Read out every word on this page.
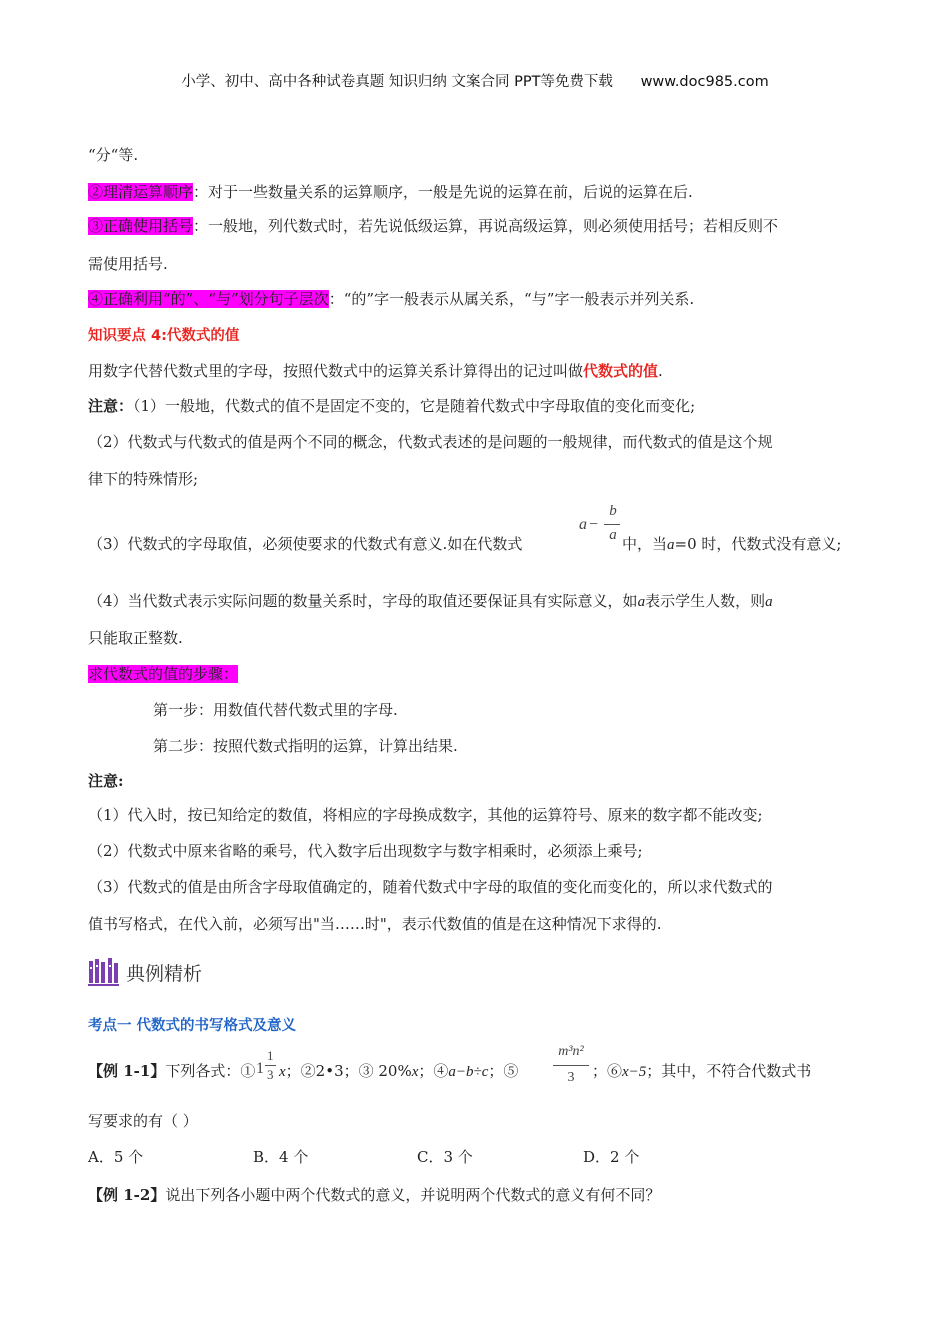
小学、初中、高中各种试卷真题 知识归纳 文案合同 PPT等免费下载      www.doc985.com
“分“等.
②理清运算顺序：对于一些数量关系的运算顺序，一般是先说的运算在前，后说的运算在后.
③正确使用括号：一般地，列代数式时，若先说低级运算，再说高级运算，则必须使用括号；若相反则不
需使用括号.
④正确利用“的”、“与”划分句子层次：“的”字一般表示从属关系，“与”字一般表示并列关系.
知识要点 4:代数式的值
用数字代替代数式里的字母，按照代数式中的运算关系计算得出的记过叫做代数式的值.
注意：（1）一般地，代数式的值不是固定不变的，它是随着代数式中字母取值的变化而变化;
（2）代数式与代数式的值是两个不同的概念，代数式表述的是问题的一般规律，而代数式的值是这个规
律下的特殊情形;
（3）代数式的字母取值，必须使要求的代数式有意义.如在代数式
a −
b
a 中，当a=0 时，代数式没有意义;
（4）当代数式表示实际问题的数量关系时，字母的取值还要保证具有实际意义，如a表示学生人数，则a
只能取正整数.
求代数式的值的步骤：
第一步：用数值代替代数式里的字母.
第二步：按照代数式指明的运算，计算出结果.
注意:
（1）代入时，按已知给定的数值，将相应的字母换成数字，其他的运算符号、原来的数字都不能改变;
（2）代数式中原来省略的乘号，代入数字后出现数字与数字相乘时，必须添上乘号;
（3）代数式的值是由所含字母取值确定的，随着代数式中字母的取值的变化而变化的，所以求代数式的
值书写格式，在代入前，必须写出"当……时"，表示代数值的值是在这种情况下求得的.
典例精析
考点一 代数式的书写格式及意义
【例 1-1】下列各式：① 1
1
3 x；②2•3；③ 20%x；④a−b÷c；⑤
m³n²
3	；⑥x−5；其中，不符合代数式书
写要求的有（ ）
A．5 个	B．4 个	C．3 个	D．2 个
【例 1-2】说出下列各小题中两个代数式的意义，并说明两个代数式的意义有何不同？
